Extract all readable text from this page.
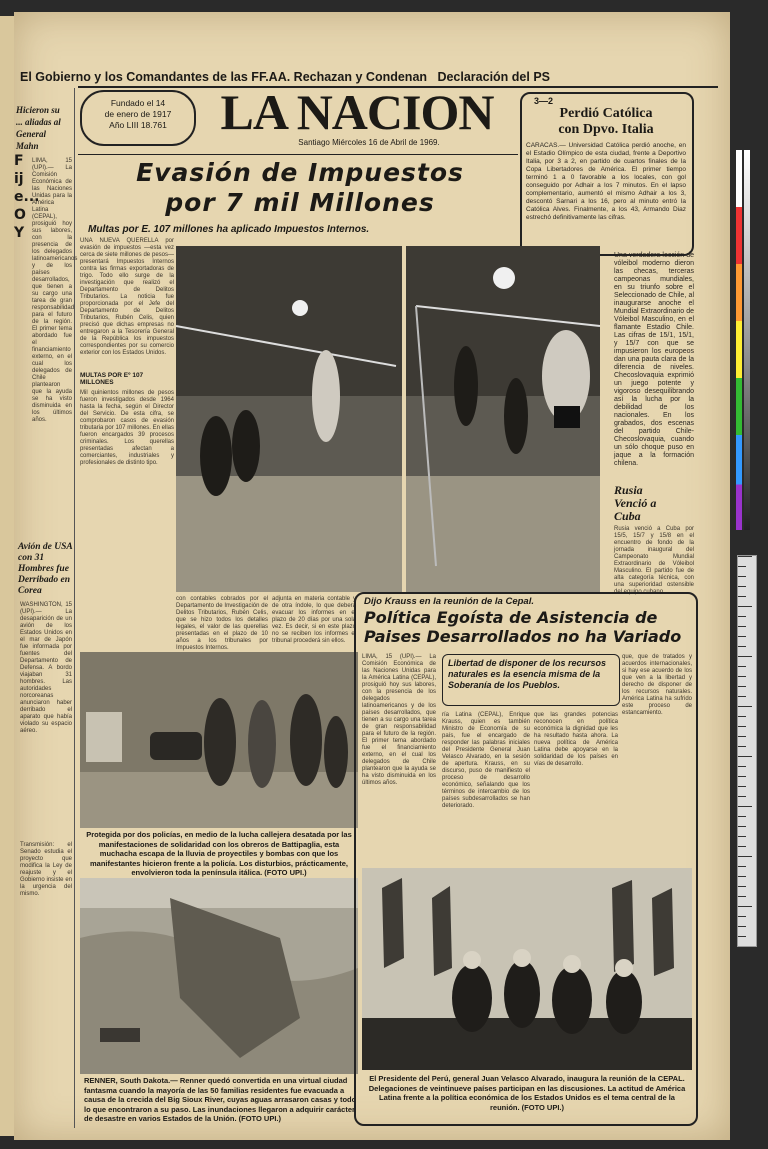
El Gobierno y los Comandantes de las FF.AA. Rechazan y Condenan   Declaración del PS
Hicieron su ... aliadas al General Mahn
Fije... OY
LIMA, 15 (UPI).— La Comisión Económica de las Naciones Unidas para la América Latina (CEPAL), prosiguió hoy sus labores, con la presencia de los delegados latinoamericanos y de los países desarrollados, que tienen a su cargo una tarea de gran responsabilidad para el futuro de la región. El primer tema abordado fue el financiamiento externo, en el cual los delegados de Chile plantearon que la ayuda se ha visto disminuida en los últimos años.
Avión de USA
con 31
Hombres fue
Derribado en
Corea
WASHINGTON, 15 (UPI).— La desaparición de un avión de los Estados Unidos en el mar de Japón fue informada por fuentes del Departamento de Defensa. A bordo viajaban 31 hombres. Las autoridades norcoreanas anunciaron haber derribado el aparato que había violado su espacio aéreo.
Transmisión: el Senado estudia el proyecto que modifica la Ley de reajuste y el Gobierno insiste en la urgencia del mismo.
Fundado el 14
de enero de 1917
Año LIII 18.761	LA NACION
Santiago Miércoles 16 de Abril de 1969.
3—2
Perdió Católica
con Dpvo. Italia
CARACAS.— Universidad Católica perdió anoche, en el Estadio Olímpico de esta ciudad, frente a Deportivo Italia, por 3 a 2, en partido de cuartos finales de la Copa Libertadores de América. El primer tiempo terminó 1 a 0 favorable a los locales, con gol conseguido por Adhair a los 7 minutos. En el lapso complementario, aumentó el mismo Adhair a los 3, descontó Sarnari a los 16, pero al minuto entró la Católica Alves. Finalmente, a los 43, Armando Diaz estrechó definitivamente las cifras.
Evasión de Impuestos
por 7 mil Millones
Multas por E. 107 millones ha aplicado Impuestos Internos.
UNA NUEVA QUERELLA por evasión de impuestos —esta vez cerca de siete millones de pesos— presentará Impuestos Internos contra las firmas exportadoras de trigo. Todo ello surge de la investigación que realizó el Departamento de Delitos Tributarios. La noticia fue proporcionada por el Jefe del Departamento de Delitos Tributarios, Rubén Celis, quien precisó que dichas empresas no entregaron a la Tesorería General de la República los impuestos correspondientes por su comercio exterior con los Estados Unidos.
MULTAS POR Eº 107 MILLONES
Mil quinientos millones de pesos fueron investigados desde 1964 hasta la fecha, según el Director del Servicio. De esta cifra, se comprobaron casos de evasión tributaria por 107 millones. En ellas fueron encargados 39 procesos criminales. Los querellas presentadas afectan a comerciantes, industriales y profesionales de distinto tipo.
Una verdadera lección de vóleibol moderno dieron las checas, terceras campeonas mundiales, en su triunfo sobre el Seleccionado de Chile, al inaugurarse anoche el Mundial Extraordinario de Vóleibol Masculino, en el flamante Estadio Chile. Las cifras de 15/1, 15/1, y 15/7 con que se impusieron los europeos dan una pauta clara de la diferencia de niveles. Checoslovaquia exprimió un juego potente y vigoroso desequilibrando así la lucha por la debilidad de los nacionales. En los grabados, dos escenas del partido Chile-Checoslovaquia, cuando un sólo choque puso en jaque a la formación chilena.
Rusia
Venció a
Cuba
Rusia venció a Cuba por 15/5, 15/7 y 15/8 en el encuentro de fondo de la jornada inaugural del Campeonato Mundial Extraordinario de Vóleibol Masculino. El partido fue de alta categoría técnica, con una superioridad ostensible del equipo cubano.
con contables cobrados por el Departamento de Investigación de Delitos Tributarios, Rubén Celis, que se hizo todos los detalles legales, el valor de las querellas presentadas en el plazo de 10 años a los tribunales por Impuestos Internos.
adjunta en materia contable y de otra índole, lo que deberá evacuar los informes en el plazo de 20 días por una sola vez. Es decir, si en este plazo no se reciben los informes el tribunal procederá sin ellos.
Protegida por dos policías, en medio de la lucha callejera desatada por las manifestaciones de solidaridad con los obreros de Battipaglia, esta muchacha escapa de la lluvia de proyectiles y bombas con que los manifestantes hicieron frente a la policía. Los disturbios, prácticamente, envolvieron toda la península itálica. (FOTO UPI.)
RENNER, South Dakota.— Renner quedó convertida en una virtual ciudad fantasma cuando la mayoría de las 50 familias residentes fue evacuada a causa de la crecida del Big Sioux River, cuyas aguas arrasaron casas y todo lo que encontraron a su paso. Las inundaciones llegaron a adquirir carácter de desastre en varios Estados de la Unión. (FOTO UPI.)
Dijo Krauss en la reunión de la Cepal.
Política Egoísta de Asistencia de
Paises Desarrollados no ha Variado
LIMA, 15 (UPI).— La Comisión Económica de las Naciones Unidas para la América Latina (CEPAL), prosiguió hoy sus labores, con la presencia de los delegados latinoamericanos y de los países desarrollados, que tienen a su cargo una tarea de gran responsabilidad para el futuro de la región. El primer tema abordado fue el financiamiento externo, en el cual los delegados de Chile plantearon que la ayuda se ha visto disminuida en los últimos años.
Libertad de disponer de los recursos naturales es la esencia misma de la Soberanía de los Pueblos.
ría Latina (CEPAL), Enrique Krauss, quien es también Ministro de Economía de su país, fue el encargado de responder las palabras iniciales del Presidente General Juan Velasco Alvarado, en la sesión de apertura. Krauss, en su discurso, puso de manifiesto el proceso de desarrollo económico, señalando que los términos de intercambio de los países subdesarrollados se han deteriorado.
que las grandes potencias reconocen en política económica la dignidad que les ha resultado hasta ahora. La nueva política de América Latina debe apoyarse en la solidaridad de los países en vías de desarrollo.
que, que de tratados y acuerdos internacionales, si hay ese acuerdo de los que ven a la libertad y derecho de disponer de los recursos naturales. América Latina ha sufrido este proceso de estancamiento.
El Presidente del Perú, general Juan Velasco Alvarado, inaugura la reunión de la CEPAL. Delegaciones de veintinueve países participan en las discusiones. La actitud de América Latina frente a la política económica de los Estados Unidos es el tema central de la reunión. (FOTO UPI.)
